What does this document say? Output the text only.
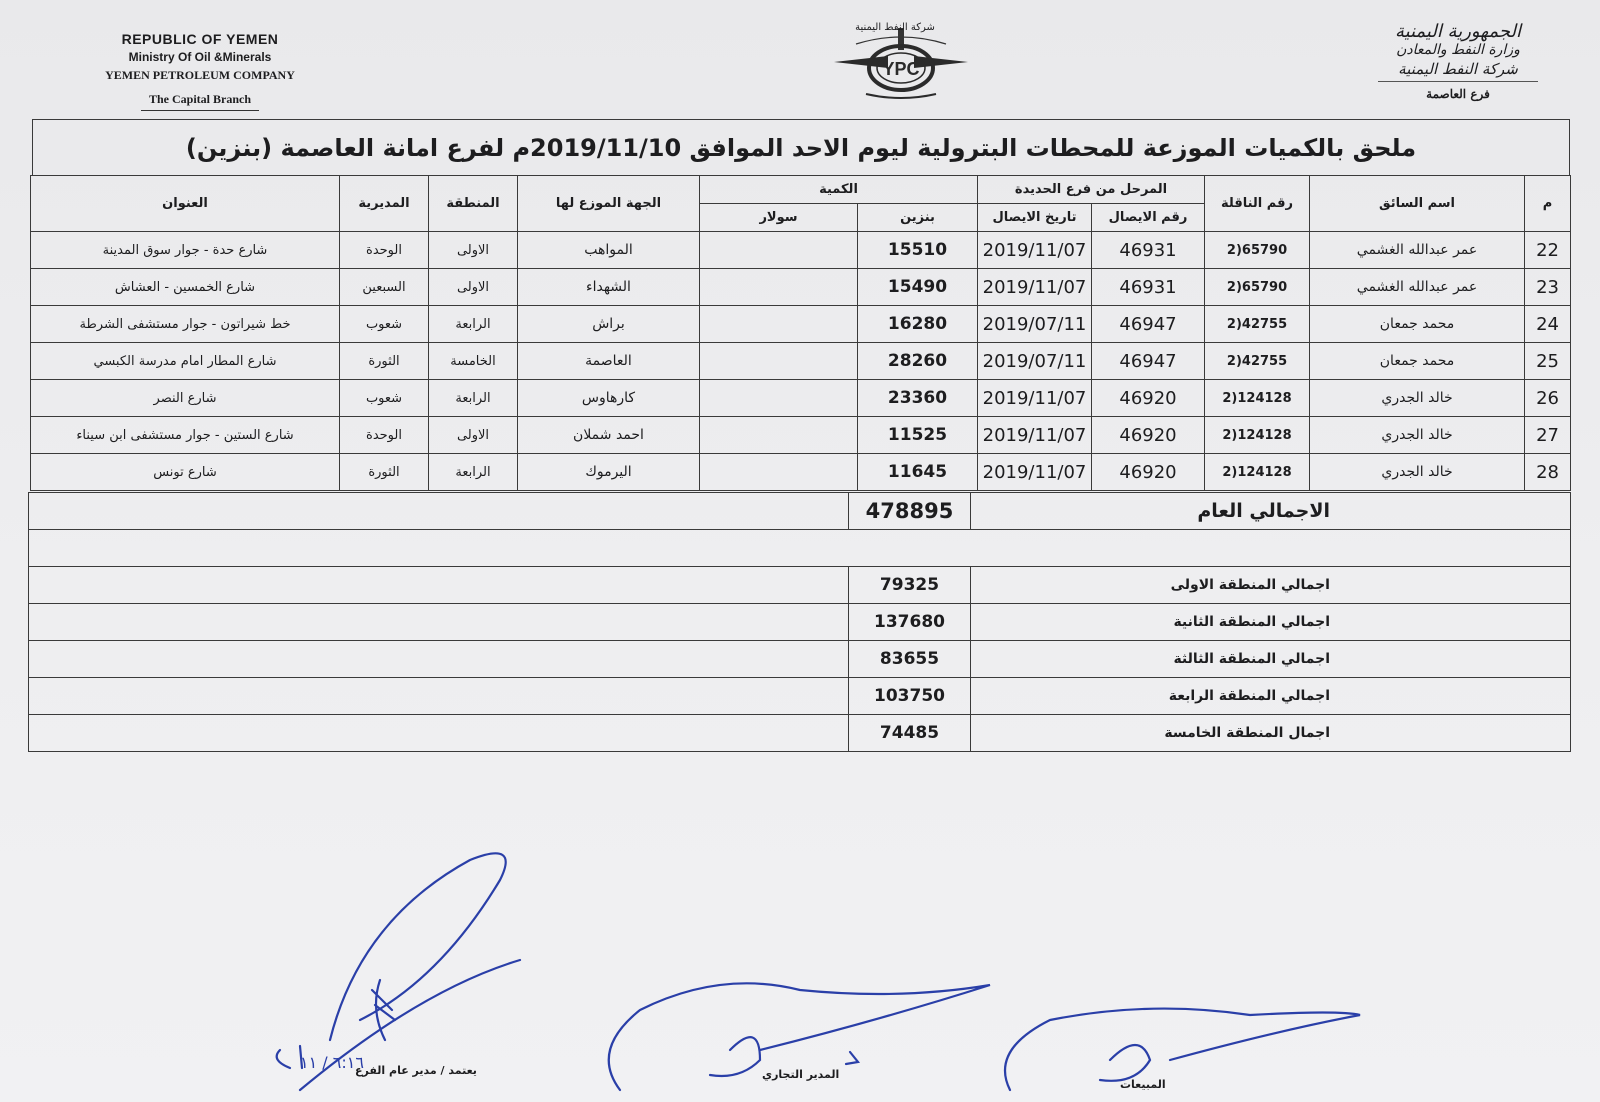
REPUBLIC OF YEMEN
Ministry Of Oil &Minerals
YEMEN PETROLEUM COMPANY
The Capital Branch
YPC
شركة النفط اليمنية	الجمهورية اليمنية
وزارة النفط والمعادن
شركة النفط اليمنية
فرع العاصمة
ملحق بالكميات الموزعة للمحطات البترولية ليوم الاحد الموافق 2019/11/10م لفرع امانة العاصمة (بنزين)
م	اسم السائق	رقم الناقلة	المرحل من فرع الحديدة		الكمية		الجهة الموزع لها	المنطقة	المديرية	العنوان
			رقم الايصال	تاريخ الايصال	بنزين	سولار				
22	عمر عبدالله الغشمي	2)65790	46931	2019/11/07	15510		المواهب	الاولى	الوحدة	شارع حدة - جوار سوق المدينة
23	عمر عبدالله الغشمي	2)65790	46931	2019/11/07	15490		الشهداء	الاولى	السبعين	شارع الخمسين - العشاش
24	محمد جمعان	2)42755	46947	2019/07/11	16280		براش	الرابعة	شعوب	خط شيراتون - جوار مستشفى الشرطة
25	محمد جمعان	2)42755	46947	2019/07/11	28260		العاصمة	الخامسة	الثورة	شارع المطار امام مدرسة الكبسي
26	خالد الجدري	2)124128	46920	2019/11/07	23360		كارهاوس	الرابعة	شعوب	شارع النصر
27	خالد الجدري	2)124128	46920	2019/11/07	11525		احمد شملان	الاولى	الوحدة	شارع الستين - جوار مستشفى ابن سيناء
28	خالد الجدري	2)124128	46920	2019/11/07	11645		اليرموك	الرابعة	الثورة	شارع تونس
الاجمالي العام	478895	

اجمالي المنطقة الاولى	79325	
اجمالي المنطقة الثانية	137680	
اجمالي المنطقة الثالثة	83655	
اجمالي المنطقة الرابعة	103750	
اجمال المنطقة الخامسة	74485	
٦:١٦ / ١١
يعتمد / مدير عام الفرع	المدير التجاري
المبيعات
